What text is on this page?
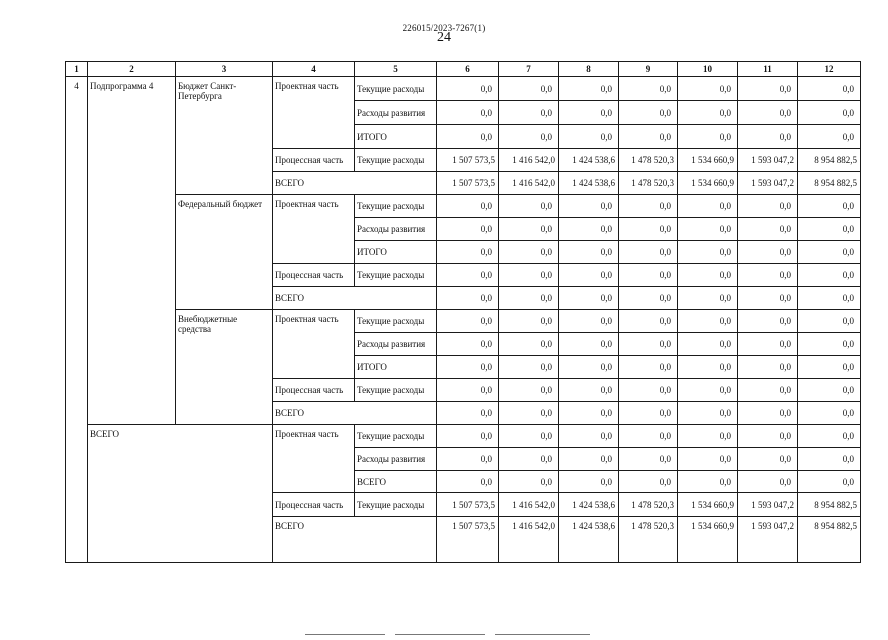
226015/2023-7267(1)
24
1	2	3	4	5	6	7	8	9	10	11	12
4	Подпрограмма 4	Бюджет Санкт-Петербурга	Проектная часть	Текущие расходы	0,0	0,0	0,0	0,0	0,0	0,0	0,0
				Расходы развития	0,0	0,0	0,0	0,0	0,0	0,0	0,0
				ИТОГО	0,0	0,0	0,0	0,0	0,0	0,0	0,0
			Процессная часть	Текущие расходы	1 507 573,5	1 416 542,0	1 424 538,6	1 478 520,3	1 534 660,9	1 593 047,2	8 954 882,5
			ВСЕГО		1 507 573,5	1 416 542,0	1 424 538,6	1 478 520,3	1 534 660,9	1 593 047,2	8 954 882,5
		Федеральный бюджет	Проектная часть	Текущие расходы	0,0	0,0	0,0	0,0	0,0	0,0	0,0
				Расходы развития	0,0	0,0	0,0	0,0	0,0	0,0	0,0
				ИТОГО	0,0	0,0	0,0	0,0	0,0	0,0	0,0
			Процессная часть	Текущие расходы	0,0	0,0	0,0	0,0	0,0	0,0	0,0
			ВСЕГО		0,0	0,0	0,0	0,0	0,0	0,0	0,0
		Внебюджетные средства	Проектная часть	Текущие расходы	0,0	0,0	0,0	0,0	0,0	0,0	0,0
				Расходы развития	0,0	0,0	0,0	0,0	0,0	0,0	0,0
				ИТОГО	0,0	0,0	0,0	0,0	0,0	0,0	0,0
			Процессная часть	Текущие расходы	0,0	0,0	0,0	0,0	0,0	0,0	0,0
			ВСЕГО		0,0	0,0	0,0	0,0	0,0	0,0	0,0
	ВСЕГО		Проектная часть	Текущие расходы	0,0	0,0	0,0	0,0	0,0	0,0	0,0
				Расходы развития	0,0	0,0	0,0	0,0	0,0	0,0	0,0
				ВСЕГО	0,0	0,0	0,0	0,0	0,0	0,0	0,0
			Процессная часть	Текущие расходы	1 507 573,5	1 416 542,0	1 424 538,6	1 478 520,3	1 534 660,9	1 593 047,2	8 954 882,5
			ВСЕГО		1 507 573,5	1 416 542,0	1 424 538,6	1 478 520,3	1 534 660,9	1 593 047,2	8 954 882,5
